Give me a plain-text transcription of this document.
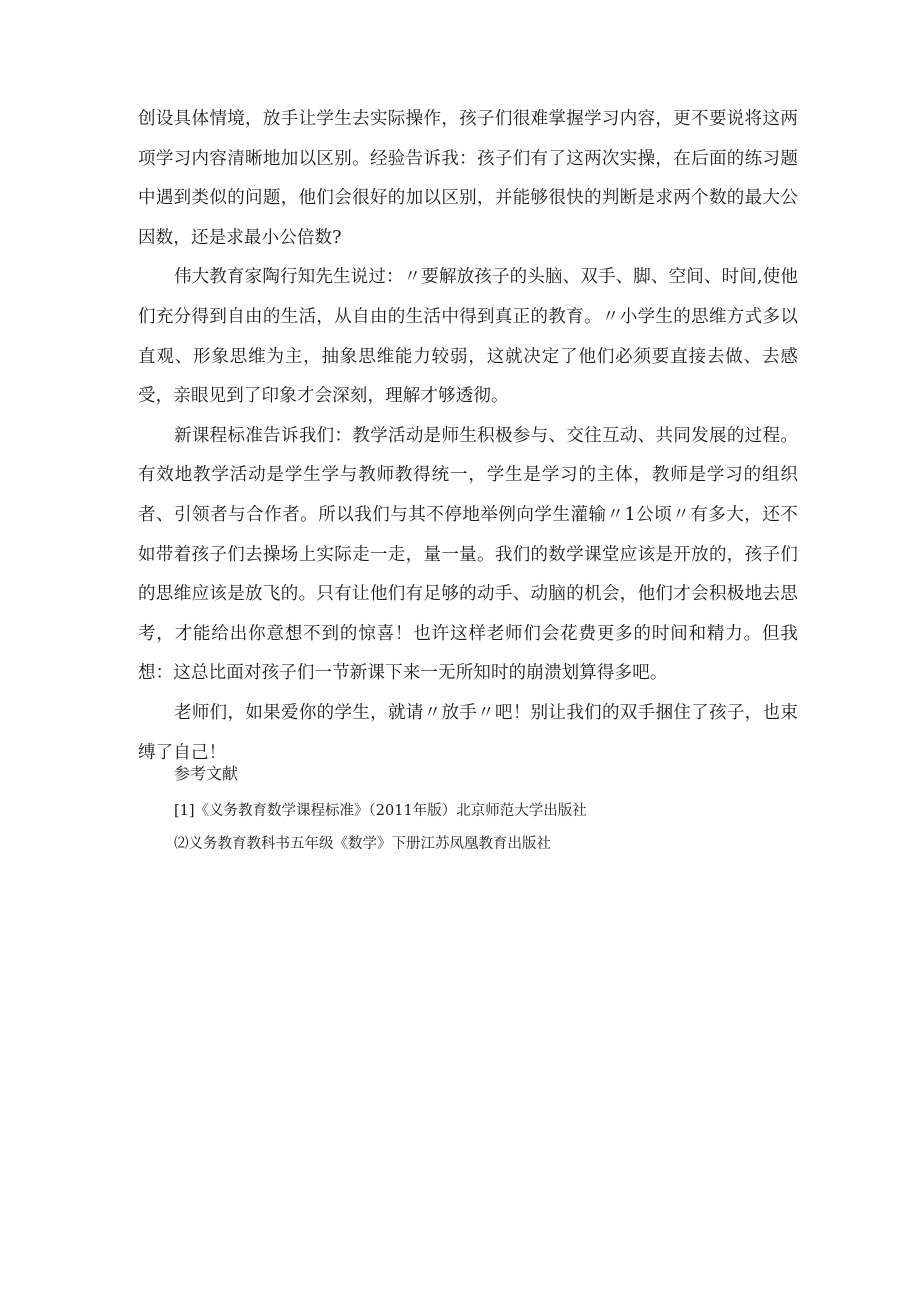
创设具体情境，放手让学生去实际操作，孩子们很难掌握学习内容，更不要说将这两项学习内容清晰地加以区别。经验告诉我：孩子们有了这两次实操，在后面的练习题中遇到类似的问题，他们会很好的加以区别，并能够很快的判断是求两个数的最大公因数，还是求最小公倍数?

伟大教育家陶行知先生说过：〃要解放孩子的头脑、双手、脚、空间、时间,使他们充分得到自由的生活，从自由的生活中得到真正的教育。〃小学生的思维方式多以直观、形象思维为主，抽象思维能力较弱，这就决定了他们必须要直接去做、去感受，亲眼见到了印象才会深刻，理解才够透彻。

新课程标准告诉我们：教学活动是师生积极参与、交往互动、共同发展的过程。有效地教学活动是学生学与教师教得统一，学生是学习的主体，教师是学习的组织者、引领者与合作者。所以我们与其不停地举例向学生灌输〃1公顷〃有多大，还不如带着孩子们去操场上实际走一走，量一量。我们的数学课堂应该是开放的，孩子们的思维应该是放飞的。只有让他们有足够的动手、动脑的机会，他们才会积极地去思考，才能给出你意想不到的惊喜！也许这样老师们会花费更多的时间和精力。但我想：这总比面对孩子们一节新课下来一无所知时的崩溃划算得多吧。

老师们，如果爱你的学生，就请〃放手〃吧！别让我们的双手捆住了孩子，也束缚了自己！

参考文献

[1]《义务教育数学课程标准》（2011年版）北京师范大学出版社

⑵义务教育教科书五年级《数学》下册江苏凤凰教育出版社
